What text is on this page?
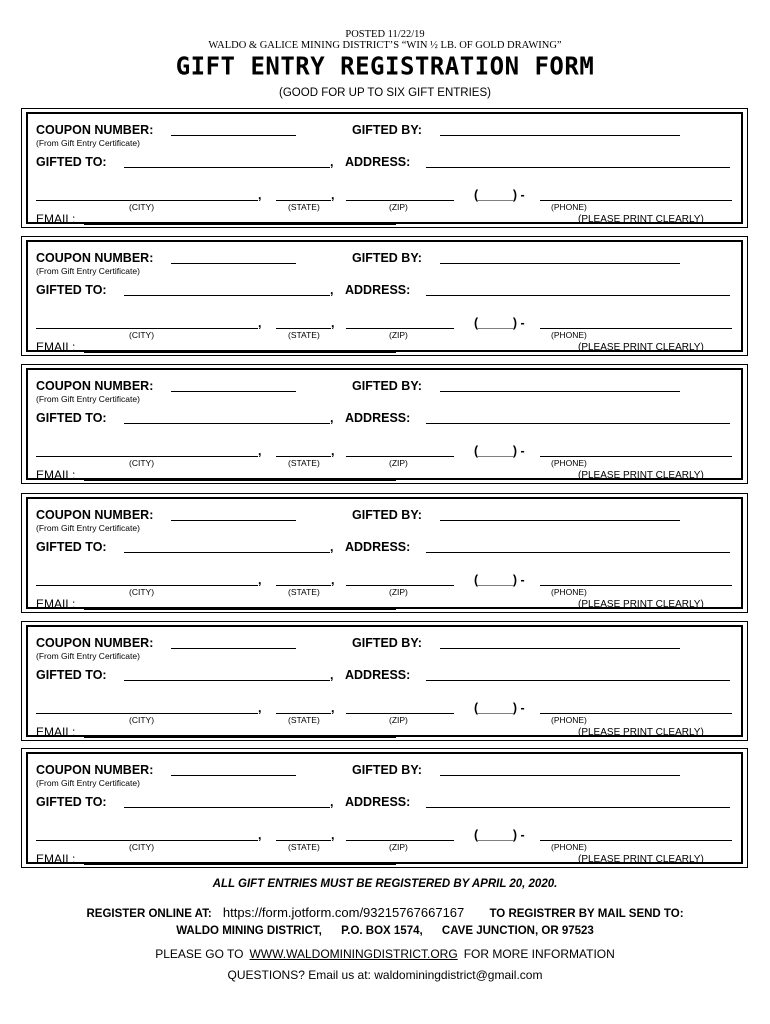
POSTED 11/22/19
WALDO & GALICE MINING DISTRICT’S “WIN ½ LB. OF GOLD DRAWING”
GIFT ENTRY REGISTRATION FORM
(GOOD FOR UP TO SIX GIFT ENTRIES)
COUPON NUMBER:	GIFTED BY:
(From Gift Entry Certificate)
GIFTED TO:	, ADDRESS:
,	,	(_____) -
(CITY)	(STATE)	(ZIP)	(PHONE)
EMAIL:	(PLEASE PRINT CLEARLY)
COUPON NUMBER:	GIFTED BY:
(From Gift Entry Certificate)
GIFTED TO:	, ADDRESS:
,	,	(_____) -
(CITY)	(STATE)	(ZIP)	(PHONE)
EMAIL:	(PLEASE PRINT CLEARLY)
COUPON NUMBER:	GIFTED BY:
(From Gift Entry Certificate)
GIFTED TO:	, ADDRESS:
,	,	(_____) -
(CITY)	(STATE)	(ZIP)	(PHONE)
EMAIL:	(PLEASE PRINT CLEARLY)
COUPON NUMBER:	GIFTED BY:
(From Gift Entry Certificate)
GIFTED TO:	, ADDRESS:
,	,	(_____) -
(CITY)	(STATE)	(ZIP)	(PHONE)
EMAIL:	(PLEASE PRINT CLEARLY)
COUPON NUMBER:	GIFTED BY:
(From Gift Entry Certificate)
GIFTED TO:	, ADDRESS:
,	,	(_____) -
(CITY)	(STATE)	(ZIP)	(PHONE)
EMAIL:	(PLEASE PRINT CLEARLY)
COUPON NUMBER:	GIFTED BY:
(From Gift Entry Certificate)
GIFTED TO:	, ADDRESS:
,	,	(_____) -
(CITY)	(STATE)	(ZIP)	(PHONE)
EMAIL:	(PLEASE PRINT CLEARLY)
ALL GIFT ENTRIES MUST BE REGISTERED BY APRIL 20, 2020.
REGISTER ONLINE AT: https://form.jotform.com/93215767667167 TO REGISTRER BY MAIL SEND TO:
WALDO MINING DISTRICT, P.O. BOX 1574, CAVE JUNCTION, OR 97523
PLEASE GO TO WWW.WALDOMININGDISTRICT.ORG FOR MORE INFORMATION
QUESTIONS? Email us at: waldominingdistrict@gmail.com
